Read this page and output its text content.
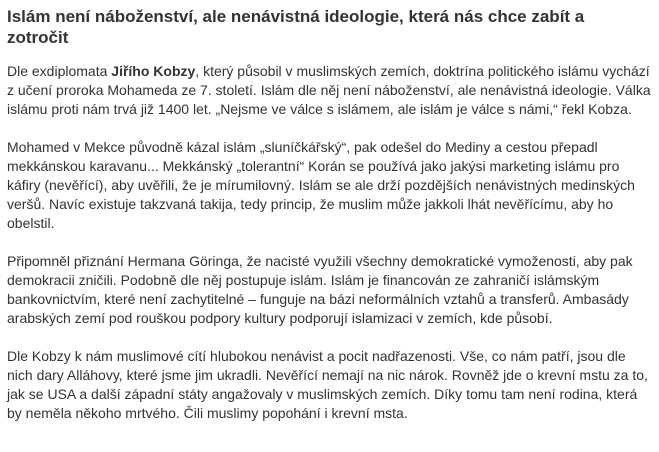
Islám není náboženství, ale nenávistná ideologie, která nás chce zabít a zotročit

Dle exdiplomata Jiřího Kobzy, který působil v muslimských zemích, doktrína politického islámu vychází z učení proroka Mohameda ze 7. století. Islám dle něj není náboženství, ale nenávistná ideologie. Válka islámu proti nám trvá již 1400 let. „Nejsme ve válce s islámem, ale islám je válce s námi,“ řekl Kobza.

Mohamed v Mekce původně kázal islám „sluníčkářský“, pak odešel do Mediny a cestou přepadl mekkánskou karavanu... Mekkánský „tolerantní“ Korán se používá jako jakýsi marketing islámu pro káfiry (nevěřící), aby uvěřili, že je mírumilovný. Islám se ale drží pozdějších nenávistných medinských veršů. Navíc existuje takzvaná takija, tedy princip, že muslim může jakkoli lhát nevěřícímu, aby ho obelstil.

Připomněl přiznání Hermana Göringa, že nacisté využili všechny demokratické vymoženosti, aby pak demokracii zničili. Podobně dle něj postupuje islám. Islám je financován ze zahraničí islámským bankovnictvím, které není zachytitelné – funguje na bázi neformálních vztahů a transferů. Ambasády arabských zemí pod rouškou podpory kultury podporují islamizaci v zemích, kde působí.

Dle Kobzy k nám muslimové cítí hlubokou nenávist a pocit nadřazenosti. Vše, co nám patří, jsou dle nich dary Alláhovy, které jsme jim ukradli. Nevěřící nemají na nic nárok. Rovněž jde o krevní mstu za to, jak se USA a další západní státy angažovaly v muslimských zemích. Díky tomu tam není rodina, která by neměla někoho mrtvého. Čili muslimy popohání i krevní msta.
